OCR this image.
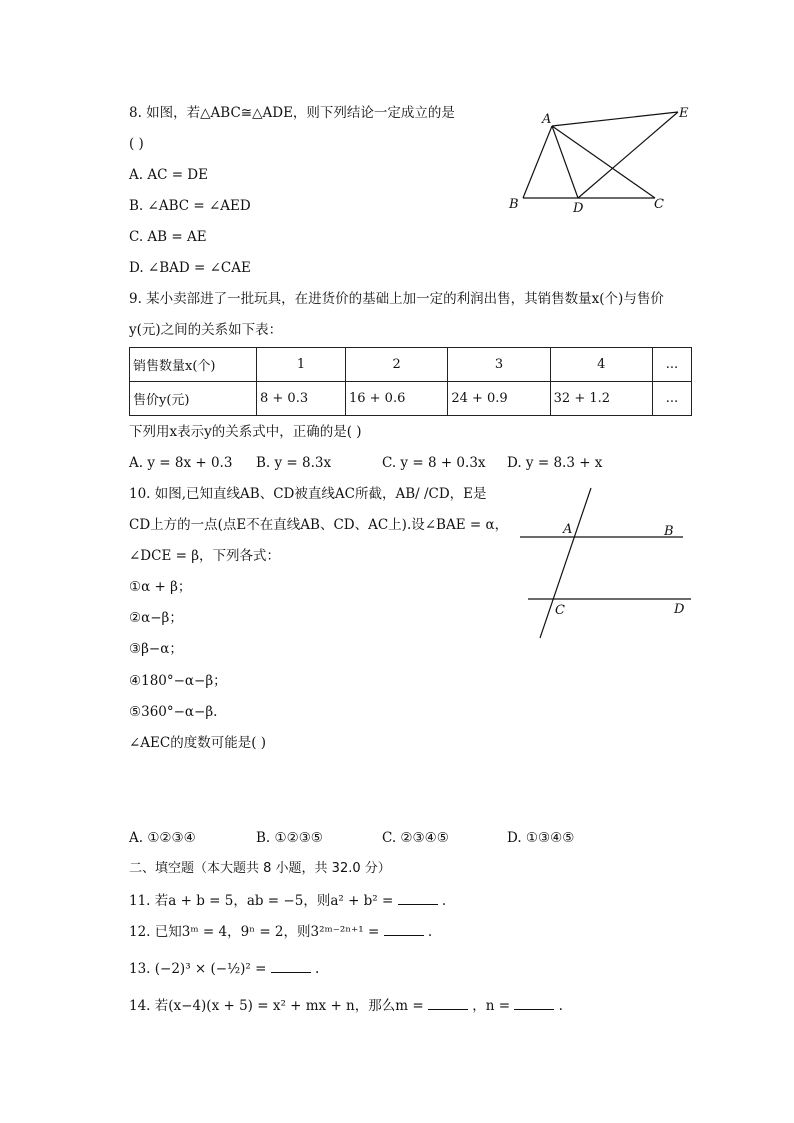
8. 如图，若△ABC≅△ADE，则下列结论一定成立的是
( )
A. AC = DE
B. ∠ABC = ∠AED
C. AB = AE
D. ∠BAD = ∠CAE
A	E
B	D	C
9. 某小卖部进了一批玩具，在进货价的基础上加一定的利润出售，其销售数量x(个)与售价
y(元)之间的关系如下表：
销售数量x(个)	1	2	3	4	...
售价y(元)	8 + 0.3	16 + 0.6	24 + 0.9	32 + 1.2	...
下列用x表示y的关系式中，正确的是( )
A. y = 8x + 0.3 B. y = 8.3x	C. y = 8 + 0.3x D. y = 8.3 + x
10. 如图,已知直线AB、CD被直线AC所截，AB/ /CD，E是
CD上方的一点(点E不在直线AB、CD、AC上).设∠BAE = α，
∠DCE = β，下列各式：
①α + β；
②α−β；
③β−α；
④180°−α−β；
⑤360°−α−β.
∠AEC的度数可能是( )
A	B
C	D
A. ①②③④	B. ①②③⑤	C. ②③④⑤	D. ①③④⑤
二、填空题（本大题共 8 小题，共 32.0 分）
11. 若a + b = 5，ab = −5，则a² + b² =	.
12. 已知3ᵐ = 4，9ⁿ = 2，则3²ᵐ⁻²ⁿ⁺¹ =	.
13. (−2)³ × (−½)² =	.
14. 若(x−4)(x + 5) = x² + mx + n，那么m =	，n =	.
